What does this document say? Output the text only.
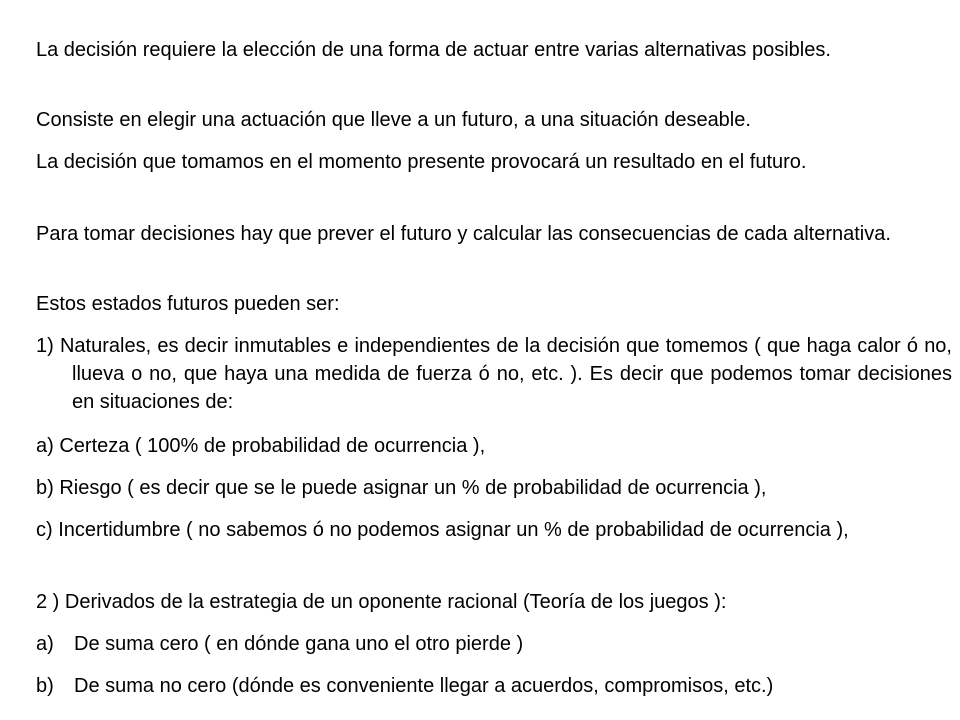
La decisión requiere la elección de una forma de actuar entre varias alternativas posibles.
Consiste en elegir una actuación que lleve a un futuro, a una situación deseable.
La decisión que tomamos en el momento presente provocará un resultado en el futuro.
Para tomar decisiones hay que prever el futuro y calcular las consecuencias de cada alternativa.
Estos estados futuros pueden ser:
1) Naturales, es decir inmutables e independientes de la decisión que tomemos ( que haga calor ó no, llueva o no, que haya una medida de fuerza ó no, etc. ). Es decir que podemos tomar decisiones en situaciones de:
a) Certeza ( 100% de probabilidad de ocurrencia ),
b) Riesgo ( es decir que se le puede asignar un % de probabilidad de ocurrencia ),
c) Incertidumbre ( no sabemos ó no podemos asignar un % de probabilidad de ocurrencia ),
2 ) Derivados de la estrategia de un oponente racional (Teoría de los juegos ):
a) De suma cero ( en dónde gana uno el otro pierde )
b) De suma no cero (dónde es conveniente llegar a acuerdos, compromisos, etc.)
